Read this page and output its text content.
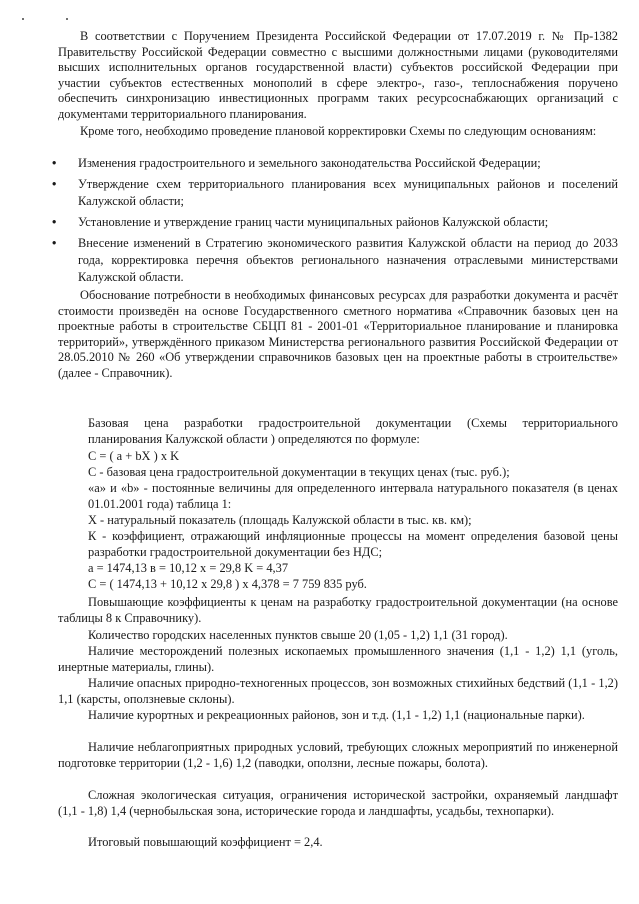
В соответствии с Поручением Президента Российской Федерации от 17.07.2019 г. № Пр-1382 Правительству Российской Федерации совместно с высшими должностными лицами (руководителями высших исполнительных органов государственной власти) субъектов российской Федерации при участии субъектов естественных монополий в сфере электро-, газо-, теплоснабжения поручено обеспечить синхронизацию инвестиционных программ таких ресурсоснабжающих организаций с документами территориального планирования.

Кроме того, необходимо проведение плановой корректировки Схемы по следующим основаниям:

• Изменения градостроительного и земельного законодательства Российской Федерации;
• Утверждение схем территориального планирования всех муниципальных районов и поселений Калужской области;
• Установление и утверждение границ части муниципальных районов Калужской области;
• Внесение изменений в Стратегию экономического развития Калужской области на период до 2033 года, корректировка перечня объектов регионального назначения отраслевыми министерствами Калужской области.

Обоснование потребности в необходимых финансовых ресурсах для разработки документа и расчёт стоимости произведён на основе Государственного сметного норматива «Справочник базовых цен на проектные работы в строительстве СБЦП 81 - 2001-01 «Территориальное планирование и планировка территорий», утверждённого приказом Министерства регионального развития Российской Федерации от 28.05.2010 № 260 «Об утверждении справочников базовых цен на проектные работы в строительстве» (далее - Справочник).

Базовая цена разработки градостроительной документации (Схемы территориального планирования Калужской области ) определяются по формуле:

C = ( a + bX ) x K

С - базовая цена градостроительной документации в текущих ценах (тыс. руб.);

«а» и «b» - постоянные величины для определенного интервала натурального показателя (в ценах 01.01.2001 года) таблица 1:

Х - натуральный показатель (площадь Калужской области в тыс. кв. км);

К - коэффициент, отражающий инфляционные процессы на момент определения базовой цены разработки градостроительной документации без НДС;

a = 1474,13 в = 10,12 x = 29,8 K = 4,37

C = ( 1474,13 + 10,12 x 29,8 ) x 4,378 = 7 759 835 руб.

Повышающие коэффициенты к ценам на разработку градостроительной документации (на основе таблицы 8 к Справочнику).

Количество городских населенных пунктов свыше 20 (1,05 - 1,2) 1,1 (31 город).

Наличие месторождений полезных ископаемых промышленного значения (1,1 - 1,2) 1,1 (уголь, инертные материалы, глины).

Наличие опасных природно-техногенных процессов, зон возможных стихийных бедствий (1,1 - 1,2) 1,1 (карсты, оползневые склоны).

Наличие курортных и рекреационных районов, зон и т.д. (1,1 - 1,2) 1,1 (национальные парки).

Наличие неблагоприятных природных условий, требующих сложных мероприятий по инженерной подготовке территории (1,2 - 1,6) 1,2 (паводки, оползни, лесные пожары, болота).

Сложная экологическая ситуация, ограничения исторической застройки, охраняемый ландшафт (1,1 - 1,8) 1,4 (чернобыльская зона, исторические города и ландшафты, усадьбы, технопарки).

Итоговый повышающий коэффициент = 2,4.
